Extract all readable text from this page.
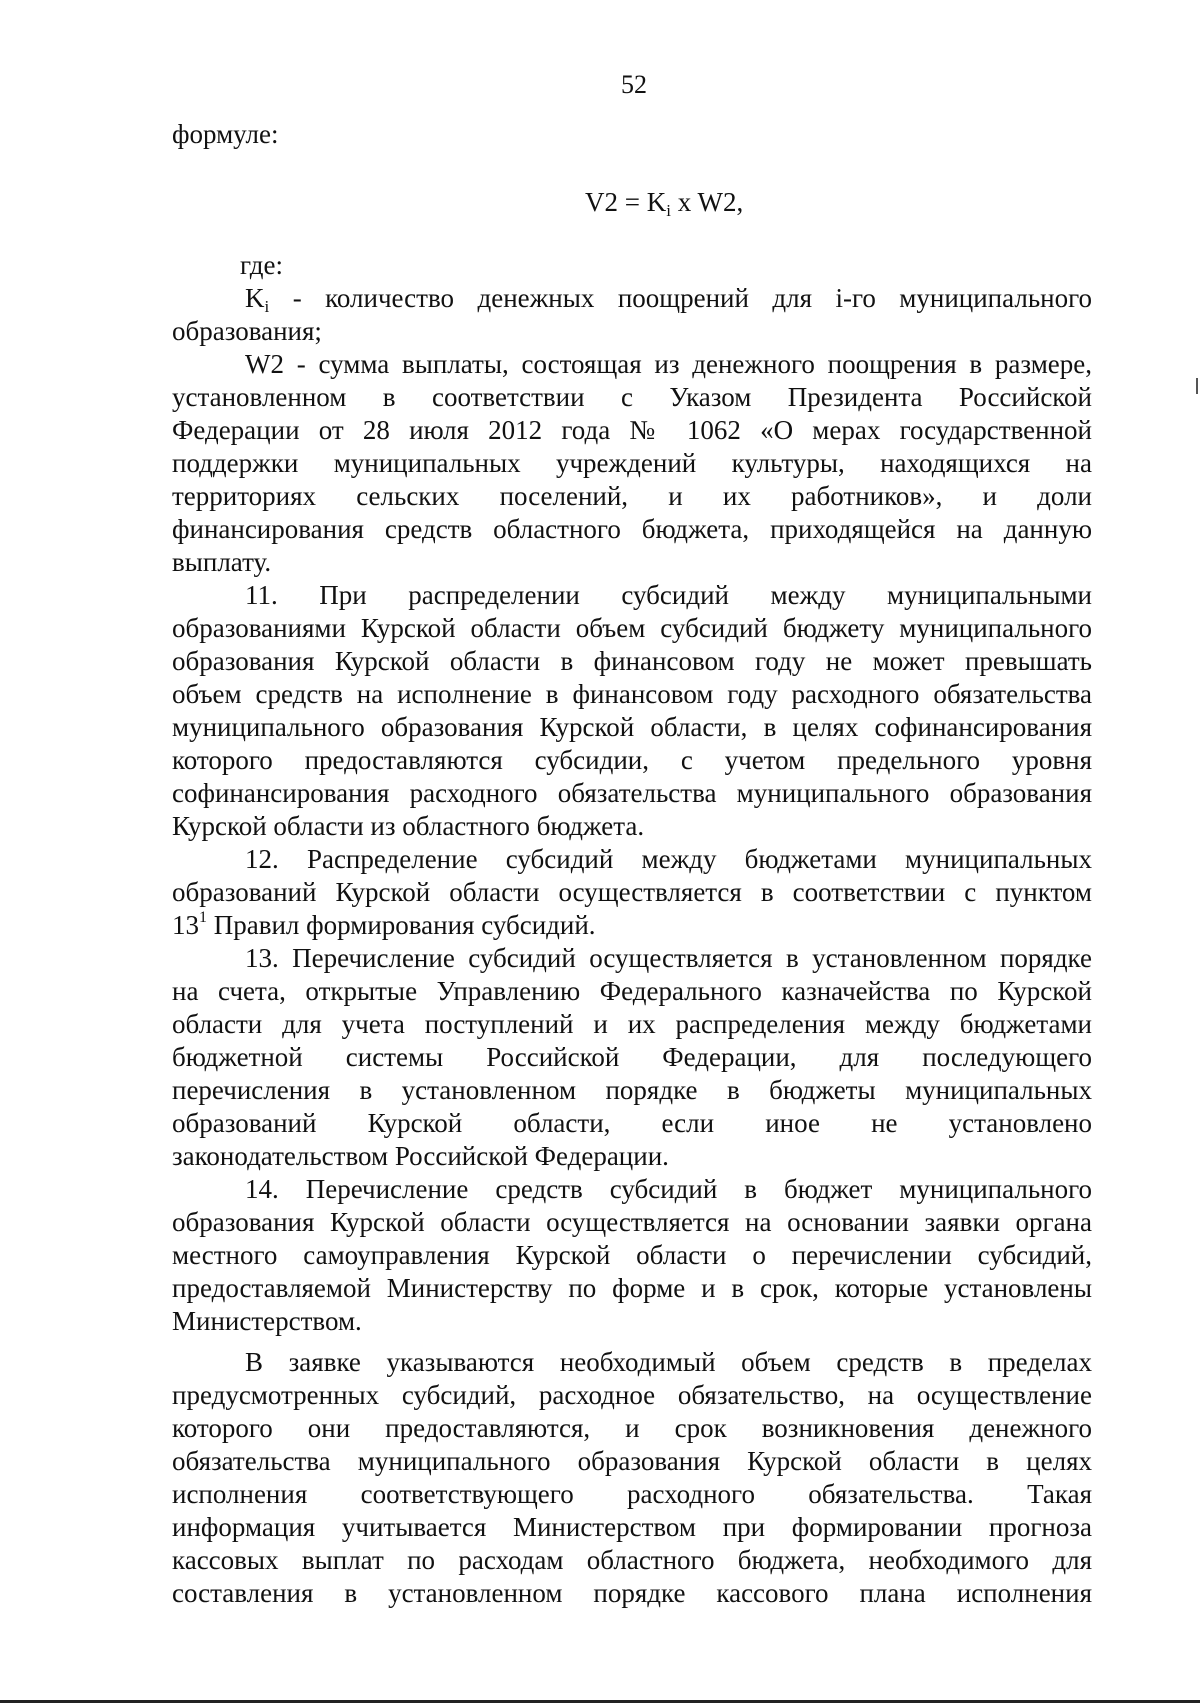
52
формуле:
$V2 = K_i$ x W2,
где:
$K_i$ - количество денежных поощрений для i-го муниципального
образования;
W2 - сумма выплаты, состоящая из денежного поощрения в размере,
установленном в соответствии с Указом Президента Российской
Федерации от 28 июля 2012 года № 1062 «О мерах государственной
поддержки муниципальных учреждений культуры, находящихся на
территориях сельских поселений, и их работников», и доли
финансирования средств областного бюджета, приходящейся на данную
выплату.
11. При распределении субсидий между муниципальными
образованиями Курской области объем субсидий бюджету муниципального
образования Курской области в финансовом году не может превышать
объем средств на исполнение в финансовом году расходного обязательства
муниципального образования Курской области, в целях софинансирования
которого предоставляются субсидии, с учетом предельного уровня
софинансирования расходного обязательства муниципального образования
Курской области из областного бюджета.
12. Распределение субсидий между бюджетами муниципальных
образований Курской области осуществляется в соответствии с пунктом
$13^1$ Правил формирования субсидий.
13. Перечисление субсидий осуществляется в установленном порядке
на счета, открытые Управлению Федерального казначейства по Курской
области для учета поступлений и их распределения между бюджетами
бюджетной системы Российской Федерации, для последующего
перечисления в установленном порядке в бюджеты муниципальных
образований Курской области, если иное не установлено
законодательством Российской Федерации.
14. Перечисление средств субсидий в бюджет муниципального
образования Курской области осуществляется на основании заявки органа
местного самоуправления Курской области о перечислении субсидий,
предоставляемой Министерству по форме и в срок, которые установлены
Министерством.
В заявке указываются необходимый объем средств в пределах
предусмотренных субсидий, расходное обязательство, на осуществление
которого они предоставляются, и срок возникновения денежного
обязательства муниципального образования Курской области в целях
исполнения соответствующего расходного обязательства. Такая
информация учитывается Министерством при формировании прогноза
кассовых выплат по расходам областного бюджета, необходимого для
составления в установленном порядке кассового плана исполнения
